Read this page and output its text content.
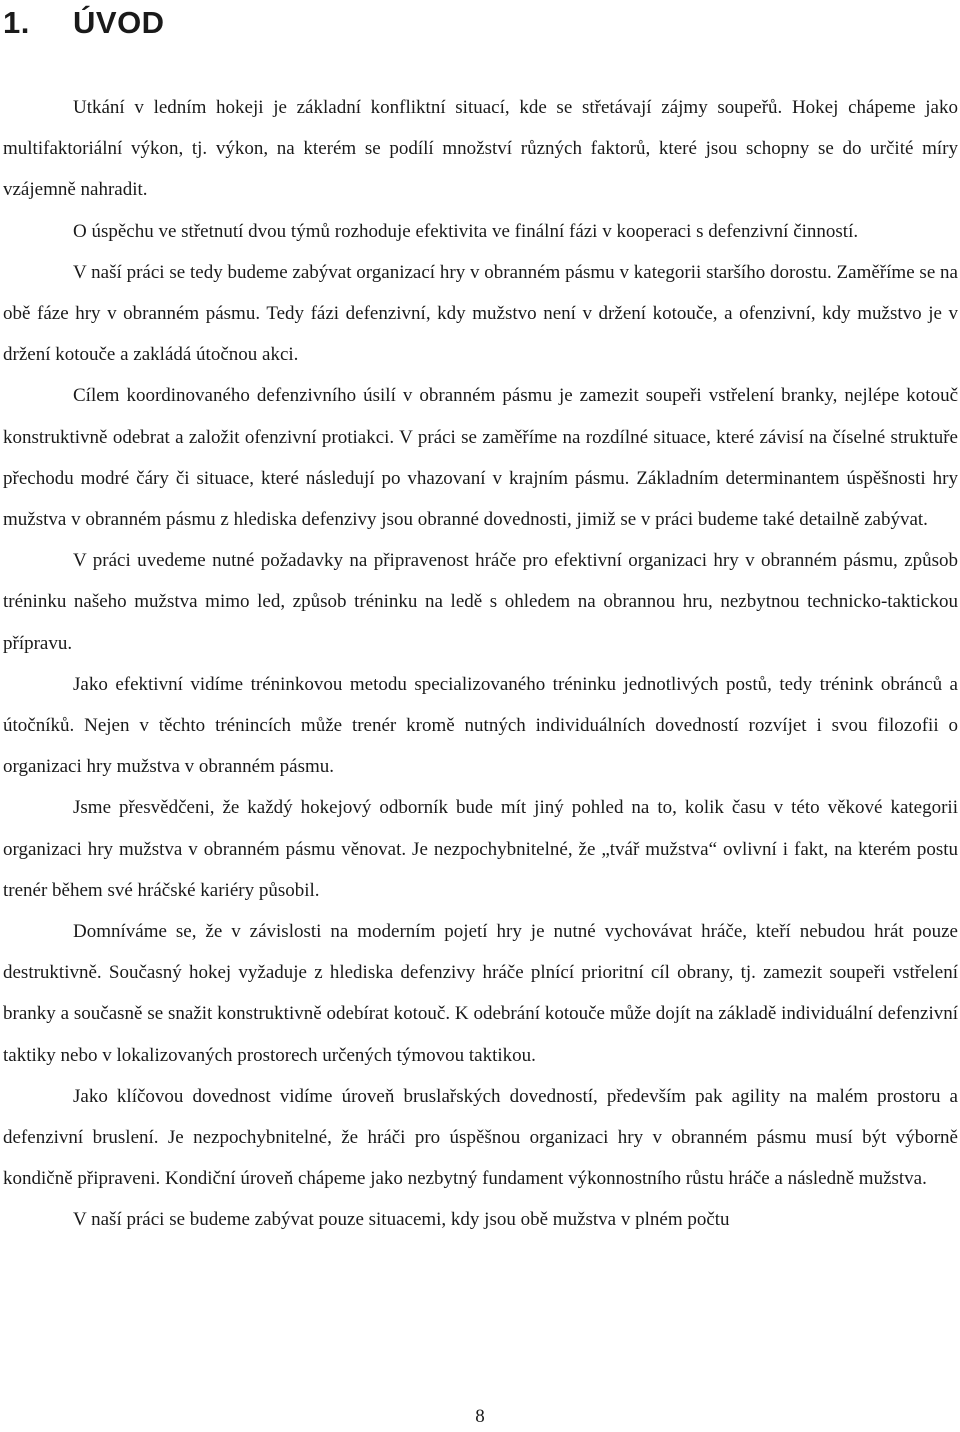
1. ÚVOD

Utkání v ledním hokeji je základní konfliktní situací, kde se střetávají zájmy soupeřů. Hokej chápeme jako multifaktoriální výkon, tj. výkon, na kterém se podílí množství různých faktorů, které jsou schopny se do určité míry vzájemně nahradit.

O úspěchu ve střetnutí dvou týmů rozhoduje efektivita ve finální fázi v kooperaci s defenzivní činností.

V naší práci se tedy budeme zabývat organizací hry v obranném pásmu v kategorii staršího dorostu. Zaměříme se na obě fáze hry v obranném pásmu. Tedy fázi defenzivní, kdy mužstvo není v držení kotouče, a ofenzivní, kdy mužstvo je v držení kotouče a zakládá útočnou akci.

Cílem koordinovaného defenzivního úsilí v obranném pásmu je zamezit soupeři vstřelení branky, nejlépe kotouč konstruktivně odebrat a založit ofenzivní protiakci. V práci se zaměříme na rozdílné situace, které závisí na číselné struktuře přechodu modré čáry či situace, které následují po vhazovaní v krajním pásmu. Základním determinantem úspěšnosti hry mužstva v obranném pásmu z hlediska defenzivy jsou obranné dovednosti, jimiž se v práci budeme také detailně zabývat.

V práci uvedeme nutné požadavky na připravenost hráče pro efektivní organizaci hry v obranném pásmu, způsob tréninku našeho mužstva mimo led, způsob tréninku na ledě s ohledem na obrannou hru, nezbytnou technicko-taktickou přípravu.

Jako efektivní vidíme tréninkovou metodu specializovaného tréninku jednotlivých postů, tedy trénink obránců a útočníků. Nejen v těchto trénincích může trenér kromě nutných individuálních dovedností rozvíjet i svou filozofii o organizaci hry mužstva v obranném pásmu.

Jsme přesvědčeni, že každý hokejový odborník bude mít jiný pohled na to, kolik času v této věkové kategorii organizaci hry mužstva v obranném pásmu věnovat. Je nezpochybnitelné, že „tvář mužstva“ ovlivní i fakt, na kterém postu trenér během své hráčské kariéry působil.

Domníváme se, že v závislosti na moderním pojetí hry je nutné vychovávat hráče, kteří nebudou hrát pouze destruktivně. Současný hokej vyžaduje z hlediska defenzivy hráče plnící prioritní cíl obrany, tj. zamezit soupeři vstřelení branky a současně se snažit konstruktivně odebírat kotouč. K odebrání kotouče může dojít na základě individuální defenzivní taktiky nebo v lokalizovaných prostorech určených týmovou taktikou.

Jako klíčovou dovednost vidíme úroveň bruslařských dovedností, především pak agility na malém prostoru a defenzivní bruslení. Je nezpochybnitelné, že hráči pro úspěšnou organizaci hry v obranném pásmu musí být výborně kondičně připraveni. Kondiční úroveň chápeme jako nezbytný fundament výkonnostního růstu hráče a následně mužstva.

V naší práci se budeme zabývat pouze situacemi, kdy jsou obě mužstva v plném počtu

8
